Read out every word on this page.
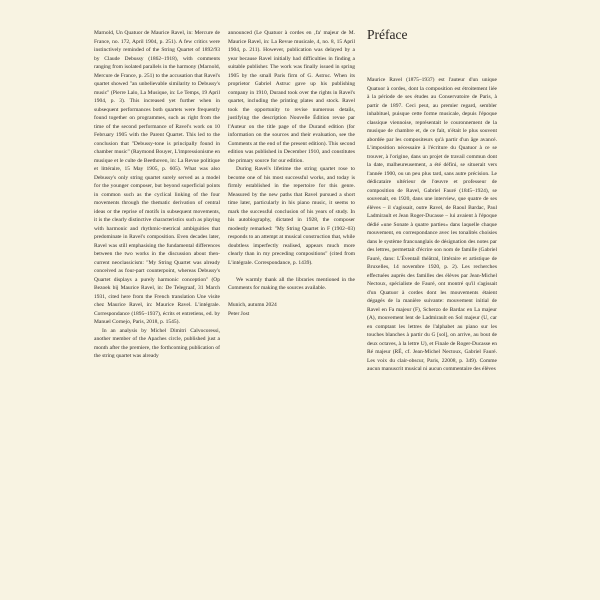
Marnold, Un Quatuor de Maurice Ravel, in: Mercure de France, no. 172, April 1904, p. 251). A few critics were instinctively reminded of the String Quartet of 1892/93 by Claude Debussy (1862–1918), with comments ranging from isolated parallels in the harmony (Marnold, Mercure de France, p. 251) to the accusation that Ravel's quartet showed "an unbelievable similarity to Debussy's music" (Pierre Lalo, La Musique, in: Le Temps, 19 April 1904, p. 3). This increased yet further when in subsequent performances both quartets were frequently found together on programmes, such as right from the time of the second performance of Ravel's work on 10 February 1905 with the Parent Quartet. This led to the conclusion that "Debussy-tone is principally found in chamber music" (Raymond Bouyer, L'impressionisme en musique et le culte de Beethoven, in: La Revue politique et littéraire, 15 May 1905, p. 605). What was also Debussy's only string quartet surely served as a model for the younger composer, but beyond superficial points in common such as the cyclical linking of the four movements through the thematic derivation of central ideas or the reprise of motifs in subsequent movements, it is the clearly distinctive characteristics such as playing with harmonic and rhythmic-metrical ambiguities that predominate in Ravel's composition. Even decades later, Ravel was still emphasising the fundamental differences between the two works in the discussion about then-current neoclassicism: "My String Quartet was already conceived as four-part counterpoint, whereas Debussy's Quartet displays a purely harmonic conception" (Op Bezoek bij Maurice Ravel, in: De Telegraaf, 31 March 1931, cited here from the French translation Une visite chez Maurice Ravel, in: Maurice Ravel. L'intégrale. Correspondance (1895–1937), écrits et entretiens, ed. by Manuel Cornejo, Paris, 2018, p. 1545).

In an analysis by Michel Dimitri Calvocoressi, another member of the Apaches circle, published just a month after the premiere, the forthcoming publication of the string quartet was already

announced (Le Quatuor à cordes en ‚fa' majeur de M. Maurice Ravel, in: La Revue musicale, 4, no. 8, 15 April 1904, p. 211). However, publication was delayed by a year because Ravel initially had difficulties in finding a suitable publisher. The work was finally issued in spring 1905 by the small Paris firm of G. Astruc. When its proprietor Gabriel Astruc gave up his publishing company in 1910, Durand took over the rights in Ravel's quartet, including the printing plates and stock. Ravel took the opportunity to revise numerous details, justifying the description Nouvelle Édition revue par l'Auteur on the title page of the Durand edition (for information on the sources and their evaluation, see the Comments at the end of the present edition). This second edition was published in December 1910, and constitutes the primary source for our edition.

During Ravel's lifetime the string quartet rose to become one of his most successful works, and today is firmly established in the repertoire for this genre. Measured by the new paths that Ravel pursued a short time later, particularly in his piano music, it seems to mark the successful conclusion of his years of study. In his autobiography, dictated in 1928, the composer modestly remarked: "My String Quartet in F (1902–03) responds to an attempt at musical construction that, while doubtless imperfectly realised, appears much more clearly than in my preceding compositions" (cited from L'intégrale. Correspondance, p. 1439).

We warmly thank all the libraries mentioned in the Comments for making the sources available.

Munich, autumn 2024

Peter Jost

Préface

Maurice Ravel (1875–1937) est l'auteur d'un unique Quatuor à cordes, dont la composition est étroitement liée à la période de ses études au Conservatoire de Paris, à partir de 1897. Ceci peut, au premier regard, sembler inhabituel, puisque cette forme musicale, depuis l'époque classique viennoise, représentait le couronnement de la musique de chambre et, de ce fait, n'était le plus souvent abordée par les compositeurs qu'à partir d'un âge avancé. L'imposition nécessaire à l'écriture du Quatuor à ce se trouver, à l'origine, dans un projet de travail commun dont la date, malheureusement, a été défini, se situerait vers l'année 1900, ou un peu plus tard, sans autre précision. Le dédicataire ultérieur de l'œuvre et professeur de composition de Ravel, Gabriel Fauré (1845–1924), se souvenait, en 1920, dans une interview, que quatre de ses élèves – il s'agissait, outre Ravel, de Raoul Bardac, Paul Ladmirault et Jean Roger-Ducasse – lui avaient à l'époque dédié »une Sonate à quatre parties« dans laquelle chaque mouvement, en correspondance avec les tonalités choisies dans le système francoanglais de désignation des notes par des lettres, permettait d'écrire son nom de famille (Gabriel Fauré, dans: L'Éventail théâtral, littéraire et artistique de Bruxelles, 14 novembre 1920, p. 2). Les recherches effectuées auprès des familles des élèves par Jean-Michel Nectoux, spécialiste de Fauré, ont montré qu'il s'agissait d'un Quatuor à cordes dont les mouvements étaient dégagés de la manière suivante: mouvement initial de Ravel en Fa majeur (F), Scherzo de Bardac en La majeur (A), mouvement lent de Ladmirault en Sol majeur (U, car en comptant les lettres de l'alphabet au piano sur les touches blanches à partir du G [sol], on arrive, au bout de deux octaves, à la lettre U), et Finale de Roger-Ducasse en Ré majeur (RÉ, cf. Jean-Michel Nectoux, Gabriel Fauré. Les voix du clair-obscur, Paris, 22008, p. 349). Comme aucun manuscrit musical ni aucun commentaire des élèves
